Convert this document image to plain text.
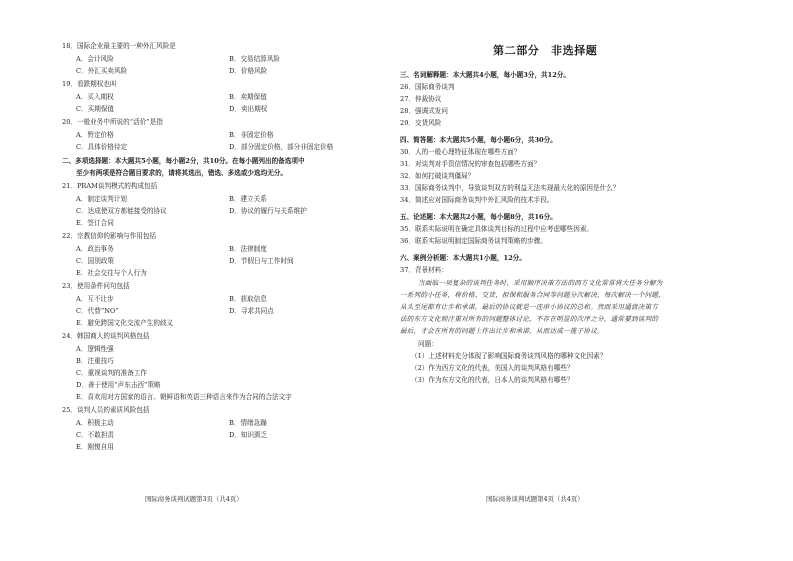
18．国际企业最主要的一种外汇风险是
A．会计风险	B．交易结算风险
C．外汇买卖风险	D．价格风险
19．看跌期权也叫
A．买入期权	B．卖期保值
C．买期保值	D．卖出期权
20．一般业务中所说的“活价”是指
A．暂定价格	B．非固定价格
C．具体价格待定	D．部分固定价格，部分非固定价格
二、多项选择题：本大题共5小题，每小题2分，共10分。在每小题列出的备选项中
至少有两项是符合题目要求的，请将其选出，错选、多选或少选均无分。
21．PRAM谈判模式的构成包括
A．制定谈判计划	B．建立关系
C．达成使双方都能接受的协议	D．协议的履行与关系维护
E．签订合同
22．宗教信仰的影响与作用包括
A．政治事务	B．法律制度
C．国别政策	D．节假日与工作时间
E．社会交往与个人行为
23．使用条件问句包括
A．互不让步	B．获取信息
C．代替“NO”	D．寻求共同点
E．避免跨国文化交流产生的歧义
24．韩国商人的谈判风格包括
A．逻辑性强
B．注重技巧
C．重视谈判的准备工作
D．善于使用“声东击西”策略
E．喜欢用对方国家的语言、朝鲜语和英语三种语言来作为合同的合法文字
25．谈判人员的素质风险包括
A．积极主动	B．情绪急躁
C．不敢担责	D．知识匮乏
E．刚愎自用
国际商务谈判试题第3页（共4页）
第二部分　非选择题
三、名词解释题：本大题共4小题，每小题3分，共12分。
26．国际商务谈判
27．仲裁协议
28．强调式发问
29．交货风险
四、简答题：本大题共5小题，每小题6分，共30分。
30．人的一般心理特征体现在哪些方面？
31．对谈判对手资信情况的审查包括哪些方面？
32．如何打破谈判僵局？
33．国际商务谈判中，导致谈判双方的利益无法实现最大化的原因是什么？
34．简述应对国际商务谈判中外汇风险的技术手段。
五、论述题：本大题共2小题，每小题8分，共16分。
35．联系实际说明在确定具体谈判目标的过程中应考虑哪些因素。
36．联系实际说明制定国际商务谈判策略的步骤。
六、案例分析题：本大题共1小题，12分。
37．背景材料：
当面临一项复杂的谈判任务时，采用顺序决策方法的西方文化常常将大任务分解为
一系列的小任务，将价格、交货、担保和服务合同等问题分次解决，每次解决一个问题，
从头至尾都有让步和承诺，最后的协议就是一连串小协议的总和。然而采用通盘决策方
法的东方文化则注重对所有的问题整体讨论，不存在明显的次序之分，通常要到谈判的
最后，才会在所有的问题上作出让步和承诺，从而达成一揽子协议。
问题：
（1）上述材料充分体现了影响国际商务谈判风格的哪种文化因素？
（2）作为西方文化的代表，美国人的谈判风格有哪些？
（3）作为东方文化的代表，日本人的谈判风格有哪些？
国际商务谈判试题第4页（共4页）
